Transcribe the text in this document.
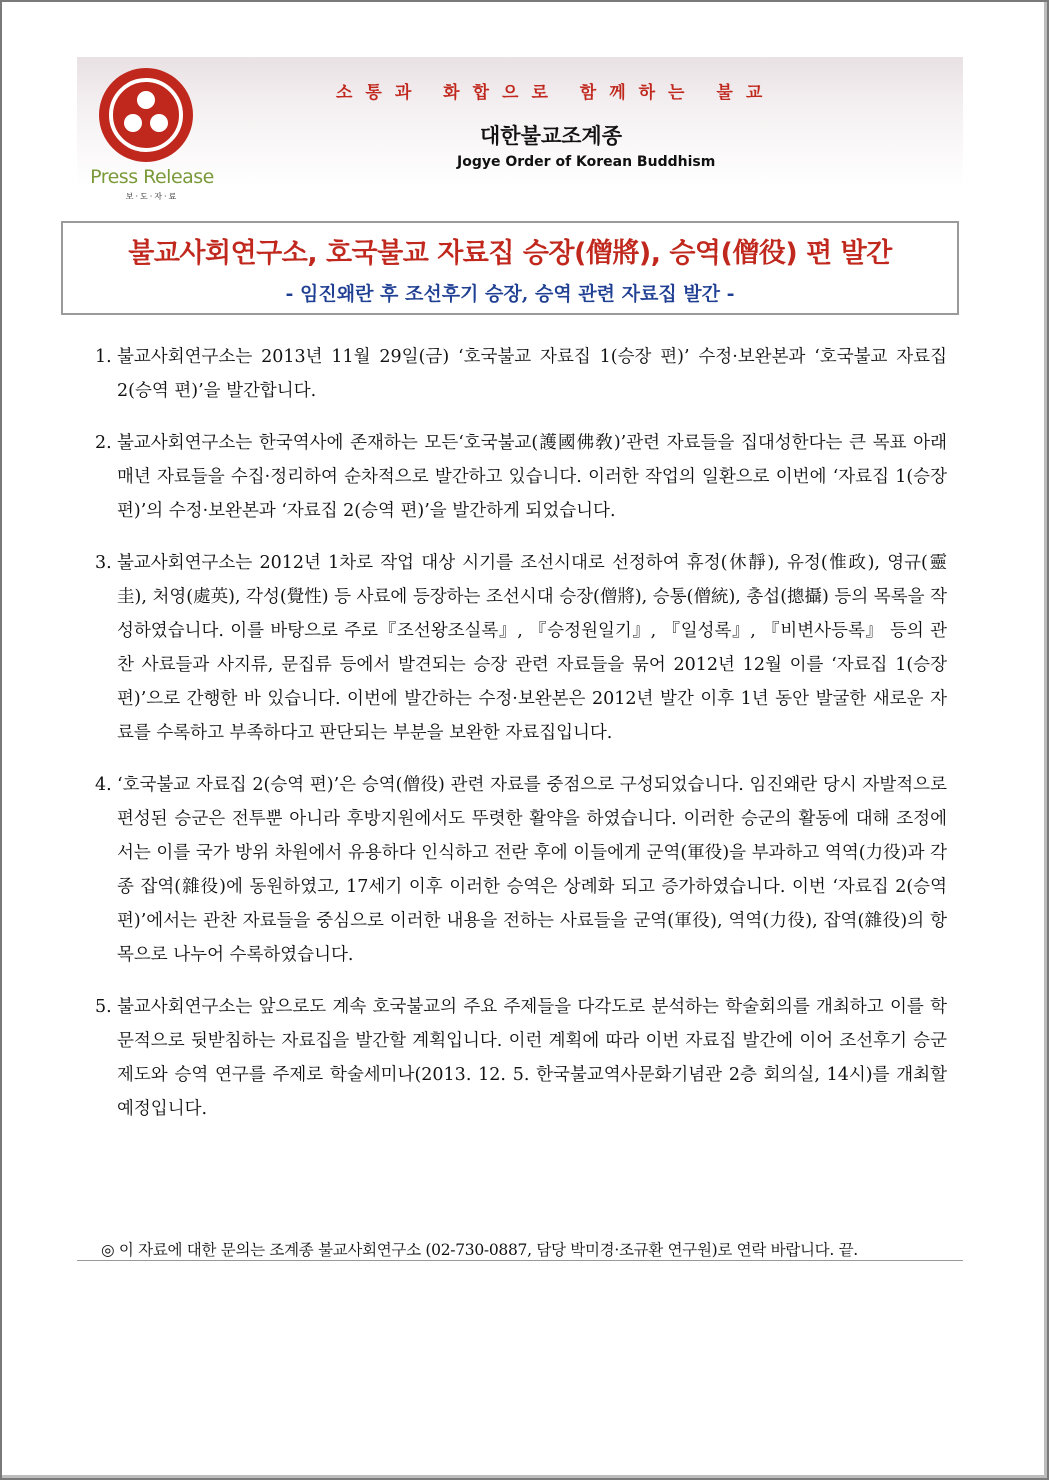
Press Release
보·도·자·료
소통과 화합으로 함께하는 불교
대한불교조계종
Jogye Order of Korean Buddhism
불교사회연구소, 호국불교 자료집 승장(僧將), 승역(僧役) 편 발간
- 임진왜란 후 조선후기 승장, 승역 관련 자료집 발간 -
1. 불교사회연구소는 2013년 11월 29일(금) ‘호국불교 자료집 1(승장 편)’ 수정·보완본과 ‘호국불교 자료집 2(승역 편)’을 발간합니다.
2. 불교사회연구소는 한국역사에 존재하는 모든‘호국불교(護國佛敎)’관련 자료들을 집대성한다는 큰 목표 아래 매년 자료들을 수집·정리하여 순차적으로 발간하고 있습니다. 이러한 작업의 일환으로 이번에 ‘자료집 1(승장 편)’의 수정·보완본과 ‘자료집 2(승역 편)’을 발간하게 되었습니다.
3. 불교사회연구소는 2012년 1차로 작업 대상 시기를 조선시대로 선정하여 휴정(休靜), 유정(惟政), 영규(靈圭), 처영(處英), 각성(覺性) 등 사료에 등장하는 조선시대 승장(僧將), 승통(僧統), 총섭(摠攝) 등의 목록을 작성하였습니다. 이를 바탕으로 주로『조선왕조실록』, 『승정원일기』, 『일성록』, 『비변사등록』 등의 관찬 사료들과 사지류, 문집류 등에서 발견되는 승장 관련 자료들을 묶어 2012년 12월 이를 ‘자료집 1(승장 편)’으로 간행한 바 있습니다. 이번에 발간하는 수정·보완본은 2012년 발간 이후 1년 동안 발굴한 새로운 자료를 수록하고 부족하다고 판단되는 부분을 보완한 자료집입니다.
4. ‘호국불교 자료집 2(승역 편)’은 승역(僧役) 관련 자료를 중점으로 구성되었습니다. 임진왜란 당시 자발적으로 편성된 승군은 전투뿐 아니라 후방지원에서도 뚜렷한 활약을 하였습니다. 이러한 승군의 활동에 대해 조정에서는 이를 국가 방위 차원에서 유용하다 인식하고 전란 후에 이들에게 군역(軍役)을 부과하고 역역(力役)과 각종 잡역(雜役)에 동원하였고, 17세기 이후 이러한 승역은 상례화 되고 증가하였습니다. 이번 ‘자료집 2(승역 편)’에서는 관찬 자료들을 중심으로 이러한 내용을 전하는 사료들을 군역(軍役), 역역(力役), 잡역(雜役)의 항목으로 나누어 수록하였습니다.
5. 불교사회연구소는 앞으로도 계속 호국불교의 주요 주제들을 다각도로 분석하는 학술회의를 개최하고 이를 학문적으로 뒷받침하는 자료집을 발간할 계획입니다. 이런 계획에 따라 이번 자료집 발간에 이어 조선후기 승군제도와 승역 연구를 주제로 학술세미나(2013. 12. 5. 한국불교역사문화기념관 2층 회의실, 14시)를 개최할 예정입니다.
◎ 이 자료에 대한 문의는 조계종 불교사회연구소 (02-730-0887, 담당 박미경·조규환 연구원)로 연락 바랍니다. 끝.
